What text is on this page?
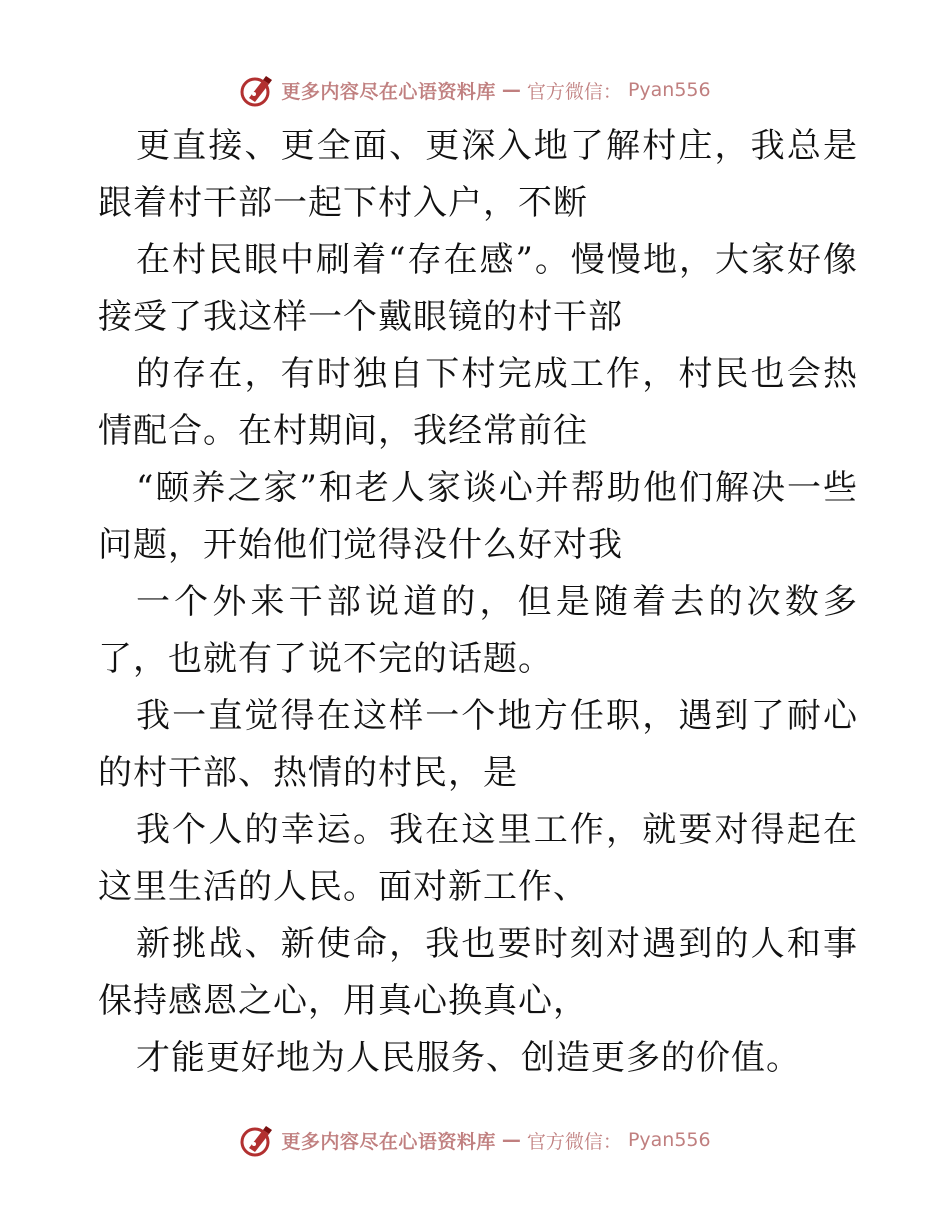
更多内容尽在心语资料库 — 官方微信： Pyan556

更直接、更全面、更深入地了解村庄，我总是跟着村干部一起下村入户，不断

在村民眼中刷着“存在感”。慢慢地，大家好像接受了我这样一个戴眼镜的村干部

的存在，有时独自下村完成工作，村民也会热情配合。在村期间，我经常前往

“颐养之家”和老人家谈心并帮助他们解决一些问题，开始他们觉得没什么好对我

一个外来干部说道的，但是随着去的次数多了，也就有了说不完的话题。

我一直觉得在这样一个地方任职，遇到了耐心的村干部、热情的村民，是

我个人的幸运。我在这里工作，就要对得起在这里生活的人民。面对新工作、

新挑战、新使命，我也要时刻对遇到的人和事保持感恩之心，用真心换真心，

才能更好地为人民服务、创造更多的价值。

更多内容尽在心语资料库 — 官方微信： Pyan556
